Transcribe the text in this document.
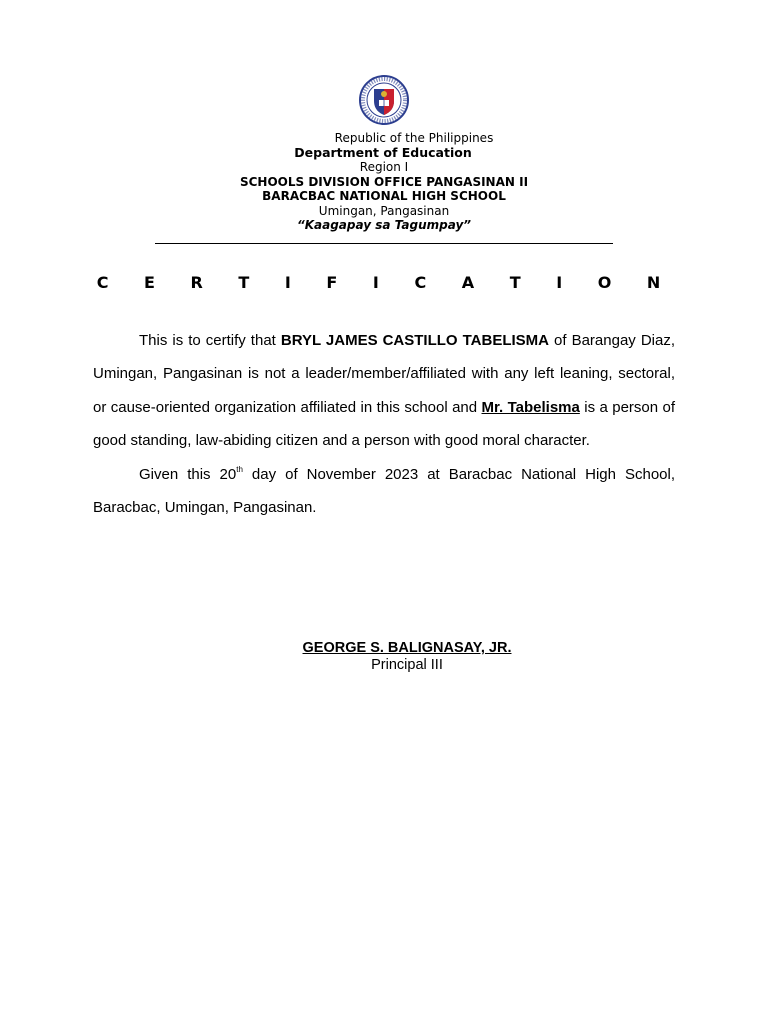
Republic of the Philippines
Department of Education
Region I
SCHOOLS DIVISION OFFICE PANGASINAN II
BARACBAC NATIONAL HIGH SCHOOL
Umingan, Pangasinan
“Kaagapay sa Tagumpay”
C E R T I F I C A T I O N

This is to certify that BRYL JAMES CASTILLO TABELISMA of Barangay Diaz, Umingan, Pangasinan is not a leader/member/affiliated with any left leaning, sectoral, or cause-oriented organization affiliated in this school and Mr. Tabelisma is a person of good standing, law-abiding citizen and a person with good moral character.

Given this 20th day of November 2023 at Baracbac National High School, Baracbac, Umingan, Pangasinan.

GEORGE S. BALIGNASAY, JR.
Principal III
